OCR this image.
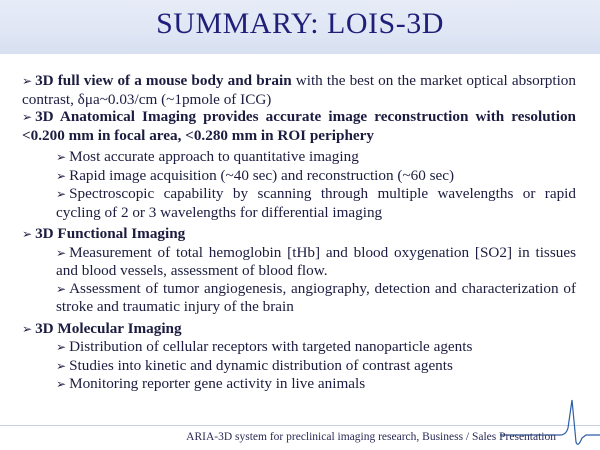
SUMMARY: LOIS-3D
➢ 3D full view of a mouse body and brain with the best on the market optical absorption contrast, δμa~0.03/cm (~1pmole of ICG)
➢ 3D Anatomical Imaging provides accurate image reconstruction with resolution <0.200 mm in focal area, <0.280 mm in ROI periphery
➢ Most accurate approach to quantitative imaging
➢ Rapid image acquisition (~40 sec) and reconstruction (~60 sec)
➢ Spectroscopic capability by scanning through multiple wavelengths or rapid cycling of 2 or 3 wavelengths for differential imaging
➢ 3D Functional Imaging
➢ Measurement of total hemoglobin [tHb] and blood oxygenation [SO2] in tissues and blood vessels, assessment of blood flow.
➢ Assessment of tumor angiogenesis, angiography, detection and characterization of stroke and traumatic injury of the brain
➢ 3D Molecular Imaging
➢ Distribution of cellular receptors with targeted nanoparticle agents
➢ Studies into kinetic and dynamic distribution of contrast agents
➢ Monitoring reporter gene activity in live animals
ARIA-3D system for preclinical imaging research, Business / Sales Presentation
